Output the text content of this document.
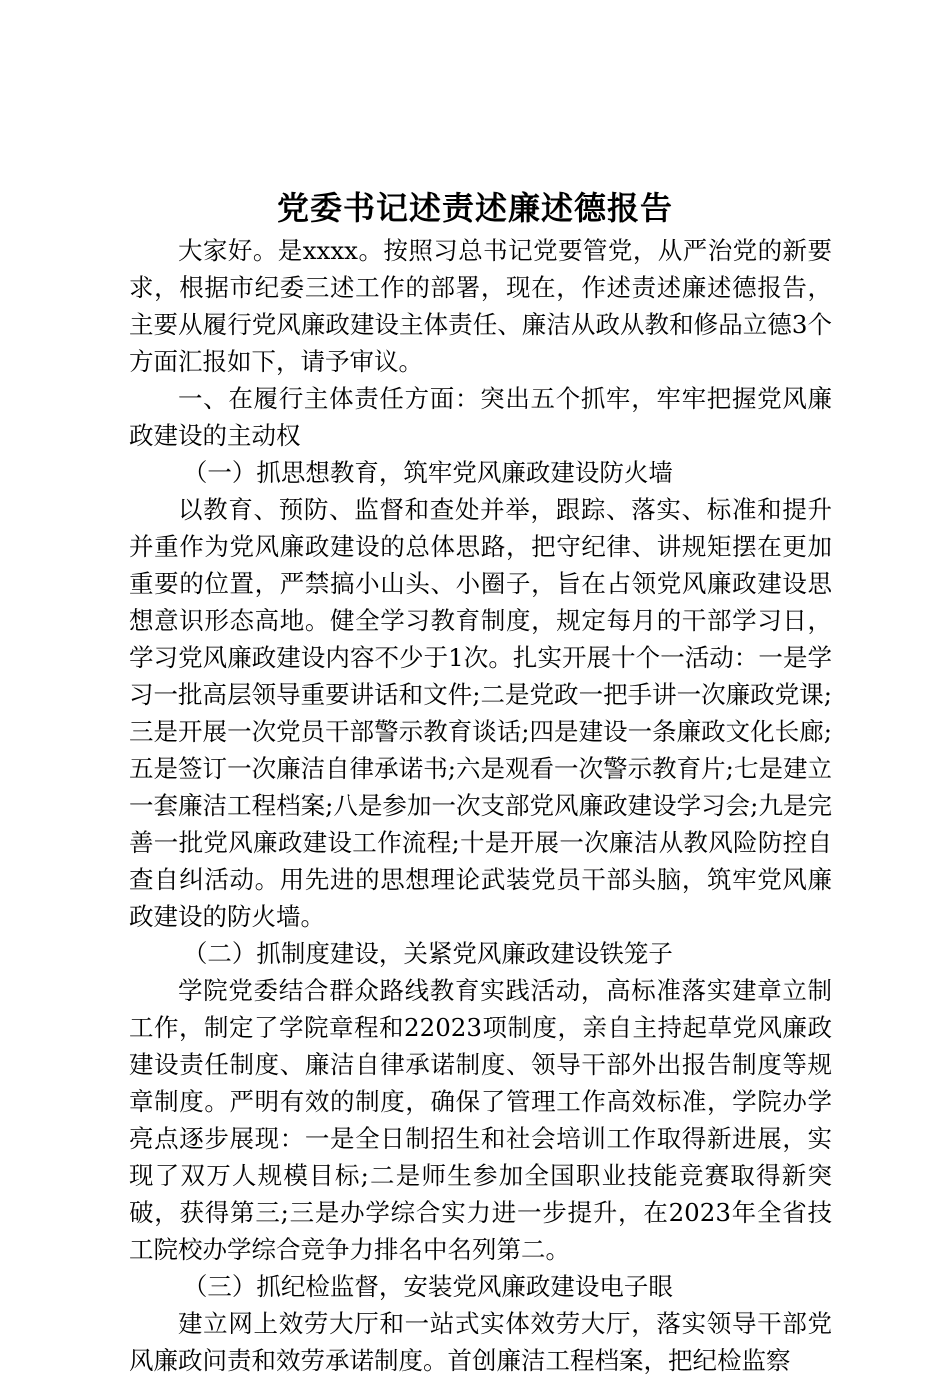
党委书记述责述廉述德报告

大家好。是xxxx。按照习总书记党要管党，从严治党的新要求，根据市纪委三述工作的部署，现在，作述责述廉述德报告，主要从履行党风廉政建设主体责任、廉洁从政从教和修品立德3个方面汇报如下，请予审议。

一、在履行主体责任方面：突出五个抓牢，牢牢把握党风廉政建设的主动权

（一）抓思想教育，筑牢党风廉政建设防火墙

以教育、预防、监督和查处并举，跟踪、落实、标准和提升并重作为党风廉政建设的总体思路，把守纪律、讲规矩摆在更加重要的位置，严禁搞小山头、小圈子，旨在占领党风廉政建设思想意识形态高地。健全学习教育制度，规定每月的干部学习日，学习党风廉政建设内容不少于1次。扎实开展十个一活动：一是学习一批高层领导重要讲话和文件;二是党政一把手讲一次廉政党课;三是开展一次党员干部警示教育谈话;四是建设一条廉政文化长廊;五是签订一次廉洁自律承诺书;六是观看一次警示教育片;七是建立一套廉洁工程档案;八是参加一次支部党风廉政建设学习会;九是完善一批党风廉政建设工作流程;十是开展一次廉洁从教风险防控自查自纠活动。用先进的思想理论武装党员干部头脑，筑牢党风廉政建设的防火墙。

（二）抓制度建设，关紧党风廉政建设铁笼子

学院党委结合群众路线教育实践活动，高标准落实建章立制工作，制定了学院章程和22023项制度，亲自主持起草党风廉政建设责任制度、廉洁自律承诺制度、领导干部外出报告制度等规章制度。严明有效的制度，确保了管理工作高效标准，学院办学亮点逐步展现：一是全日制招生和社会培训工作取得新进展，实现了双万人规模目标;二是师生参加全国职业技能竞赛取得新突破，获得第三;三是办学综合实力进一步提升，在2023年全省技工院校办学综合竞争力排名中名列第二。

（三）抓纪检监督，安装党风廉政建设电子眼

建立网上效劳大厅和一站式实体效劳大厅，落实领导干部党风廉政问责和效劳承诺制度。首创廉洁工程档案，把纪检监察
